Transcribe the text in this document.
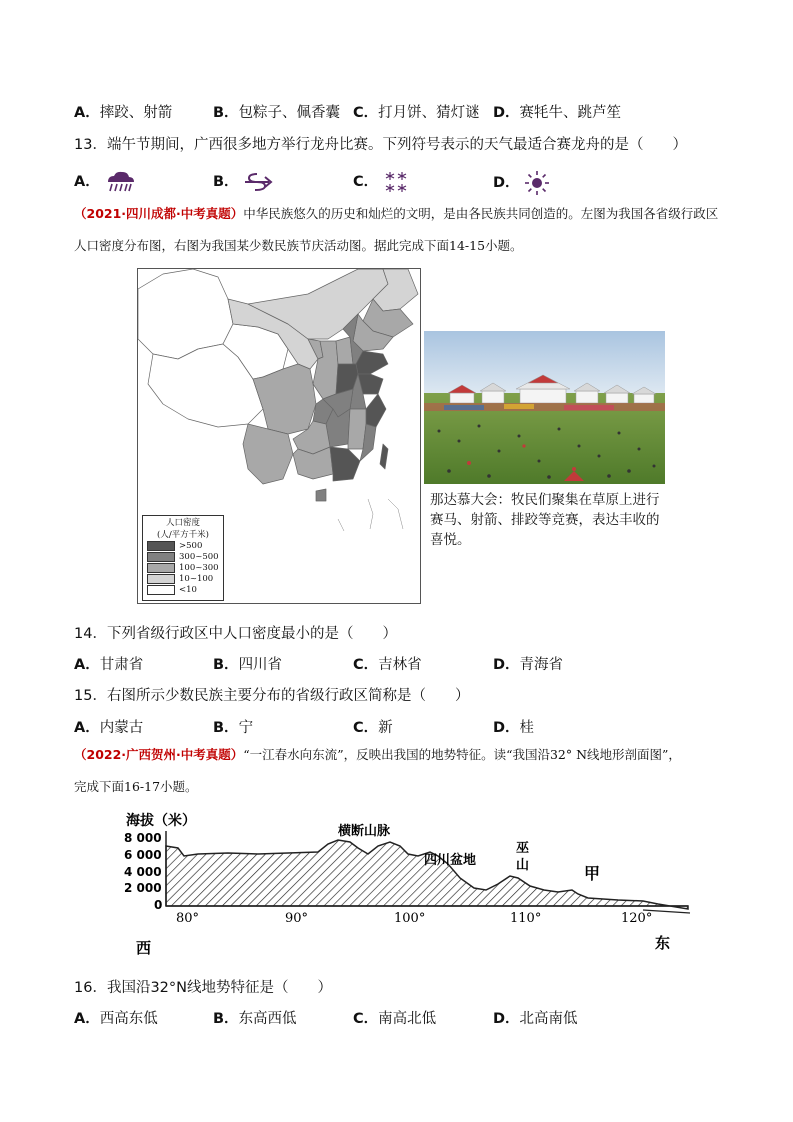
A．摔跤、射箭	B．包粽子、佩香囊 C．打月饼、猜灯谜 D．赛牦牛、跳芦笙
13．端午节期间，广西很多地方举行龙舟比赛。下列符号表示的天气最适合赛龙舟的是（　　）
A．	B．	C．	D．
（2021·四川成都·中考真题）中华民族悠久的历史和灿烂的文明，是由各民族共同创造的。左图为我国各省级行政区人口密度分布图，右图为我国某少数民族节庆活动图。据此完成下面14-15小题。
人口密度
(人/平方千米)
>500
300~500
100~300
10~100
<10
那达慕大会：牧民们聚集在草原上进行赛马、射箭、排跤等竞赛，表达丰收的喜悦。
14．下列省级行政区中人口密度最小的是（　　）
A．甘肃省	B．四川省	C．吉林省	D．青海省
15．右图所示少数民族主要分布的省级行政区简称是（　　）
A．内蒙古	B．宁	C．新	D．桂
（2022·广西贺州·中考真题）“一江春水向东流”，反映出我国的地势特征。读“我国沿32° N线地形剖面图”，
完成下面16-17小题。
海拔（米）
8 000
6 000
4 000
2 000
0
横断山脉
四川盆地
巫
山	甲
80°	90°	100°	110°	120°
西	东
16．我国沿32°N线地势特征是（　　）
A．西高东低	B．东高西低	C．南高北低	D．北高南低
